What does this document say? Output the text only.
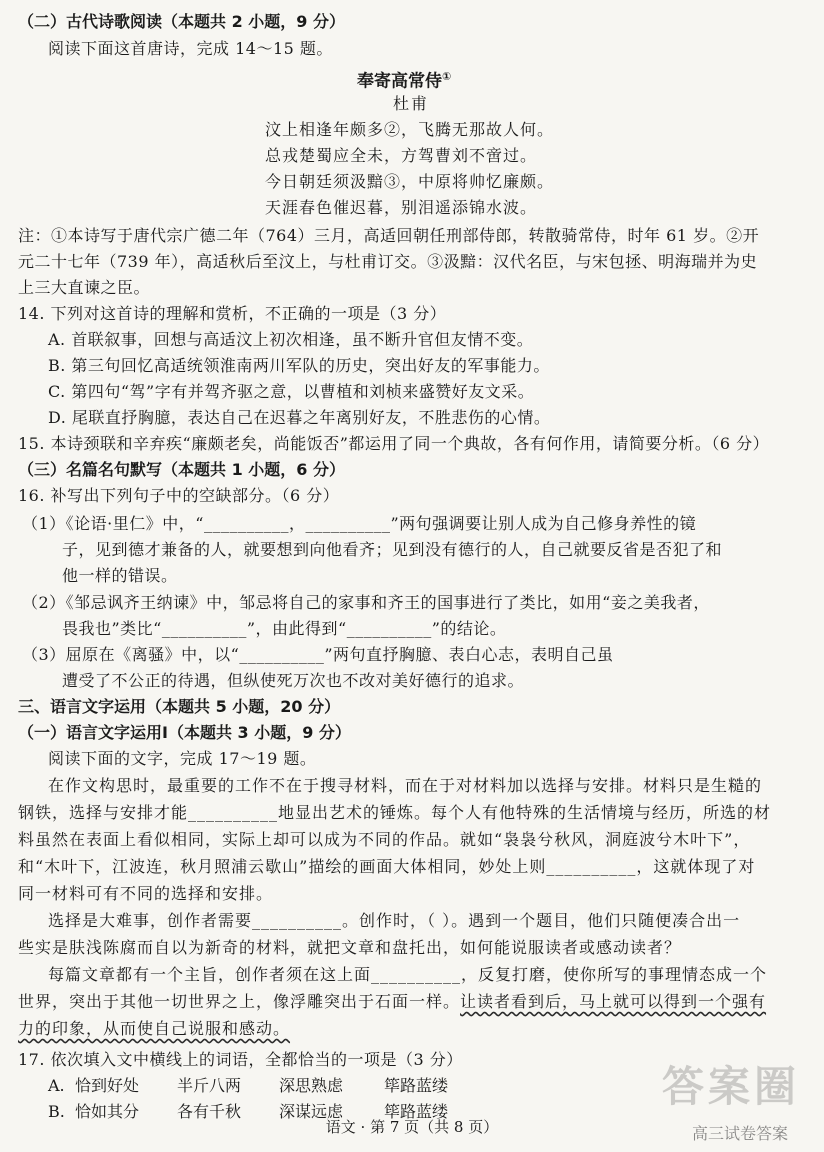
（二）古代诗歌阅读（本题共 2 小题，9 分）
阅读下面这首唐诗，完成 14～15 题。
奉寄高常侍①
杜甫
汶上相逢年颇多②，飞腾无那故人何。
总戎楚蜀应全未，方驾曹刘不啻过。
今日朝廷须汲黯③，中原将帅忆廉颇。
天涯春色催迟暮，别泪遥添锦水波。
注：①本诗写于唐代宗广德二年（764）三月，高适回朝任刑部侍郎，转散骑常侍，时年 61 岁。②开
元二十七年（739 年），高适秋后至汶上，与杜甫订交。③汲黯：汉代名臣，与宋包拯、明海瑞并为史
上三大直谏之臣。
14. 下列对这首诗的理解和赏析，不正确的一项是（3 分）
A. 首联叙事，回想与高适汶上初次相逢，虽不断升官但友情不变。
B. 第三句回忆高适统领淮南两川军队的历史，突出好友的军事能力。
C. 第四句“驾”字有并驾齐驱之意，以曹植和刘桢来盛赞好友文采。
D. 尾联直抒胸臆，表达自己在迟暮之年离别好友，不胜悲伤的心情。
15. 本诗颈联和辛弃疾“廉颇老矣，尚能饭否”都运用了同一个典故，各有何作用，请简要分析。（6 分）
（三）名篇名句默写（本题共 1 小题，6 分）
16. 补写出下列句子中的空缺部分。（6 分）
（1）《论语·里仁》中，“__________，__________”两句强调要让别人成为自己修身养性的镜
子，见到德才兼备的人，就要想到向他看齐；见到没有德行的人，自己就要反省是否犯了和
他一样的错误。
（2）《邹忌讽齐王纳谏》中，邹忌将自己的家事和齐王的国事进行了类比，如用“妾之美我者，
畏我也”类比“__________”，由此得到“__________”的结论。
（3）屈原在《离骚》中，以“__________”两句直抒胸臆、表白心志，表明自己虽
遭受了不公正的待遇，但纵使死万次也不改对美好德行的追求。
三、语言文字运用（本题共 5 小题，20 分）
（一）语言文字运用Ⅰ（本题共 3 小题，9 分）
阅读下面的文字，完成 17～19 题。
在作文构思时，最重要的工作不在于搜寻材料，而在于对材料加以选择与安排。材料只是生糙的
钢铁，选择与安排才能__________地显出艺术的锤炼。每个人有他特殊的生活情境与经历，所选的材
料虽然在表面上看似相同，实际上却可以成为不同的作品。就如“袅袅兮秋风，洞庭波兮木叶下”，
和“木叶下，江波连，秋月照浦云歇山”描绘的画面大体相同，妙处上则__________，这就体现了对
同一材料可有不同的选择和安排。
选择是大难事，创作者需要__________。创作时，（ ）。遇到一个题目，他们只随便凑合出一
些实是肤浅陈腐而自以为新奇的材料，就把文章和盘托出，如何能说服读者或感动读者？
每篇文章都有一个主旨，创作者须在这上面__________，反复打磨，使你所写的事理情态成一个
世界，突出于其他一切世界之上，像浮雕突出于石面一样。让读者看到后，马上就可以得到一个强有
力的印象，从而使自己说服和感动。
17. 依次填入文中横线上的词语，全都恰当的一项是（3 分）
A. 恰到好处 半斤八两 深思熟虑	筚路蓝缕
B. 恰如其分 各有千秋 深谋远虑	筚路蓝缕
语文 · 第 7 页（共 8 页）
答案圈
高三试卷答案
